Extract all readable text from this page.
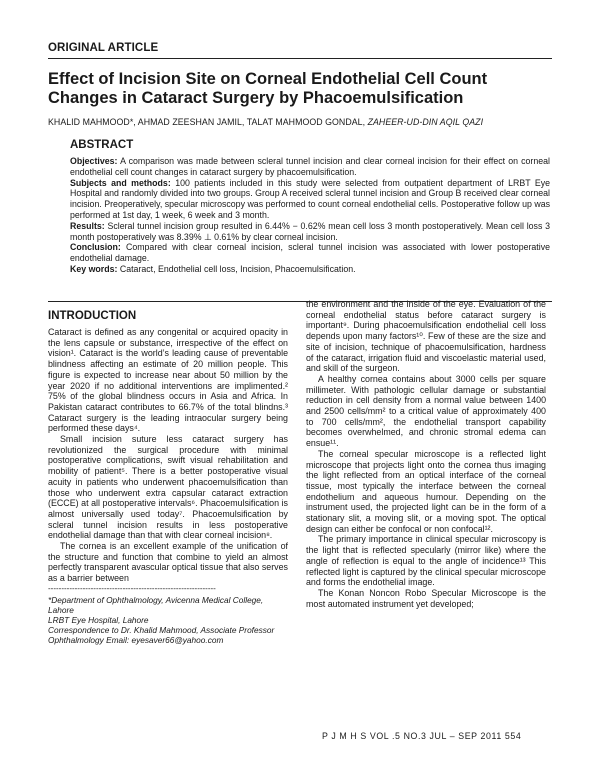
ORIGINAL ARTICLE
Effect of Incision Site on Corneal Endothelial Cell Count Changes in Cataract Surgery by Phacoemulsification
KHALID MAHMOOD*, AHMAD ZEESHAN JAMIL, TALAT MAHMOOD GONDAL, ZAHEER-UD-DIN AQIL QAZI
ABSTRACT

Objectives: A comparison was made between scleral tunnel incision and clear corneal incision for their effect on corneal endothelial cell count changes in cataract surgery by phacoemulsification.

Subjects and methods: 100 patients included in this study were selected from outpatient department of LRBT Eye Hospital and randomly divided into two groups. Group A received scleral tunnel incision and Group B received clear corneal incision. Preoperatively, specular microscopy was performed to count corneal endothelial cells. Postoperative follow up was performed at 1st day, 1 week, 6 week and 3 month.

Results: Scleral tunnel incision group resulted in 6.44% − 0.62% mean cell loss 3 month postoperatively. Mean cell loss 3 month postoperatively was 8.39% ⊥ 0.61% by clear corneal incision.

Conclusion: Compared with clear corneal incision, scleral tunnel incision was associated with lower postoperative endothelial damage.

Key words: Cataract, Endothelial cell loss, Incision, Phacoemulsification.

INTRODUCTION

Cataract is defined as any congenital or acquired opacity in the lens capsule or substance, irrespective of the effect on vision¹. Cataract is the world’s leading cause of preventable blindness affecting an estimate of 20 million people. This figure is expected to increase near about 50 million by the year 2020 if no additional interventions are implimented.² 75% of the global blindness occurs in Asia and Africa. In Pakistan cataract contributes to 66.7% of the total blindns.³ Cataract surgery is the leading intraocular surgery being performed these days⁴.

Small incision suture less cataract surgery has revolutionized the surgical procedure with minimal postoperative complications, swift visual rehabilitation and mobility of patient⁵. There is a better postoperative visual acuity in patients who underwent phacoemulsification than those who underwent extra capsular cataract extraction (ECCE) at all postoperative intervals⁶. Phacoemulsification is almost universally used today⁷. Phacoemulsification by scleral tunnel incision results in less postoperative endothelial damage than that with clear corneal incision⁸.

The cornea is an excellent example of the unification of the structure and function that combine to yield an almost perfectly transparent avascular optical tissue that also serves as a barrier between

---------------------------------------------------------------
*Department of Ophthalmology, Avicenna Medical College, Lahore
LRBT Eye Hospital, Lahore
Correspondence to Dr. Khalid Mahmood, Associate Professor Ophthalmology Email: eyesaver66@yahoo.com

the environment and the inside of the eye. Evaluation of the corneal endothelial status before cataract surgery is important⁹. During phacoemulsification endothelial cell loss depends upon many factors¹⁰. Few of these are the size and site of incision, technique of phacoemulsification, hardness of the cataract, irrigation fluid and viscoelastic material used, and skill of the surgeon.

A healthy cornea contains about 3000 cells per square millimeter. With pathologic cellular damage or substantial reduction in cell density from a normal value between 1400 and 2500 cells/mm² to a critical value of approximately 400 to 700 cells/mm², the endothelial transport capability becomes overwhelmed, and chronic stromal edema can ensue¹¹.

The corneal specular microscope is a reflected light microscope that projects light onto the cornea thus imaging the light reflected from an optical interface of the corneal tissue, most typically the interface between the corneal endothelium and aqueous humour. Depending on the instrument used, the projected light can be in the form of a stationary slit, a moving slit, or a moving spot. The optical design can either be confocal or non confocal¹².

The primary importance in clinical specular microscopy is the light that is reflected specularly (mirror like) where the angle of reflection is equal to the angle of incidence¹³ This reflected light is captured by the clinical specular microscope and forms the endothelial image.

The Konan Noncon Robo Specular Microscope is the most automated instrument yet developed;

P J M H S VOL .5 NO.3 JUL – SEP 2011 554
